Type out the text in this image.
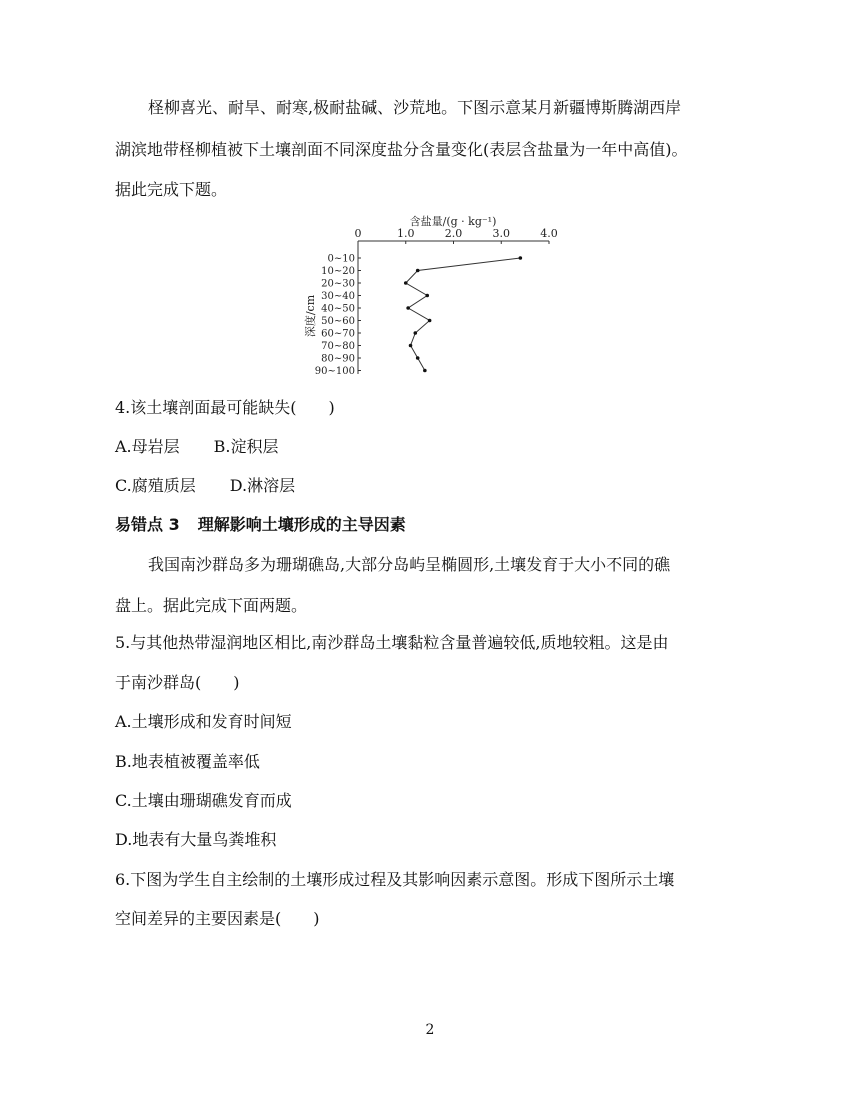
柽柳喜光、耐旱、耐寒,极耐盐碱、沙荒地。下图示意某月新疆博斯腾湖西岸
湖滨地带柽柳植被下土壤剖面不同深度盐分含量变化(表层含盐量为一年中高值)。
据此完成下题。
含盐量/(g · kg⁻¹)
0	1.0	2.0	3.0	4.0
0~10
10~20
20~30
30~40
40~50
50~60
60~70
70~80
80~90
90~100
深度/cm
4.该土壤剖面最可能缺失(　　)
A.母岩层 B.淀积层
C.腐殖质层 D.淋溶层
易错点 3 理解影响土壤形成的主导因素
我国南沙群岛多为珊瑚礁岛,大部分岛屿呈椭圆形,土壤发育于大小不同的礁
盘上。据此完成下面两题。
5.与其他热带湿润地区相比,南沙群岛土壤黏粒含量普遍较低,质地较粗。这是由
于南沙群岛(　　)
A.土壤形成和发育时间短
B.地表植被覆盖率低
C.土壤由珊瑚礁发育而成
D.地表有大量鸟粪堆积
6.下图为学生自主绘制的土壤形成过程及其影响因素示意图。形成下图所示土壤
空间差异的主要因素是(　　)
2
